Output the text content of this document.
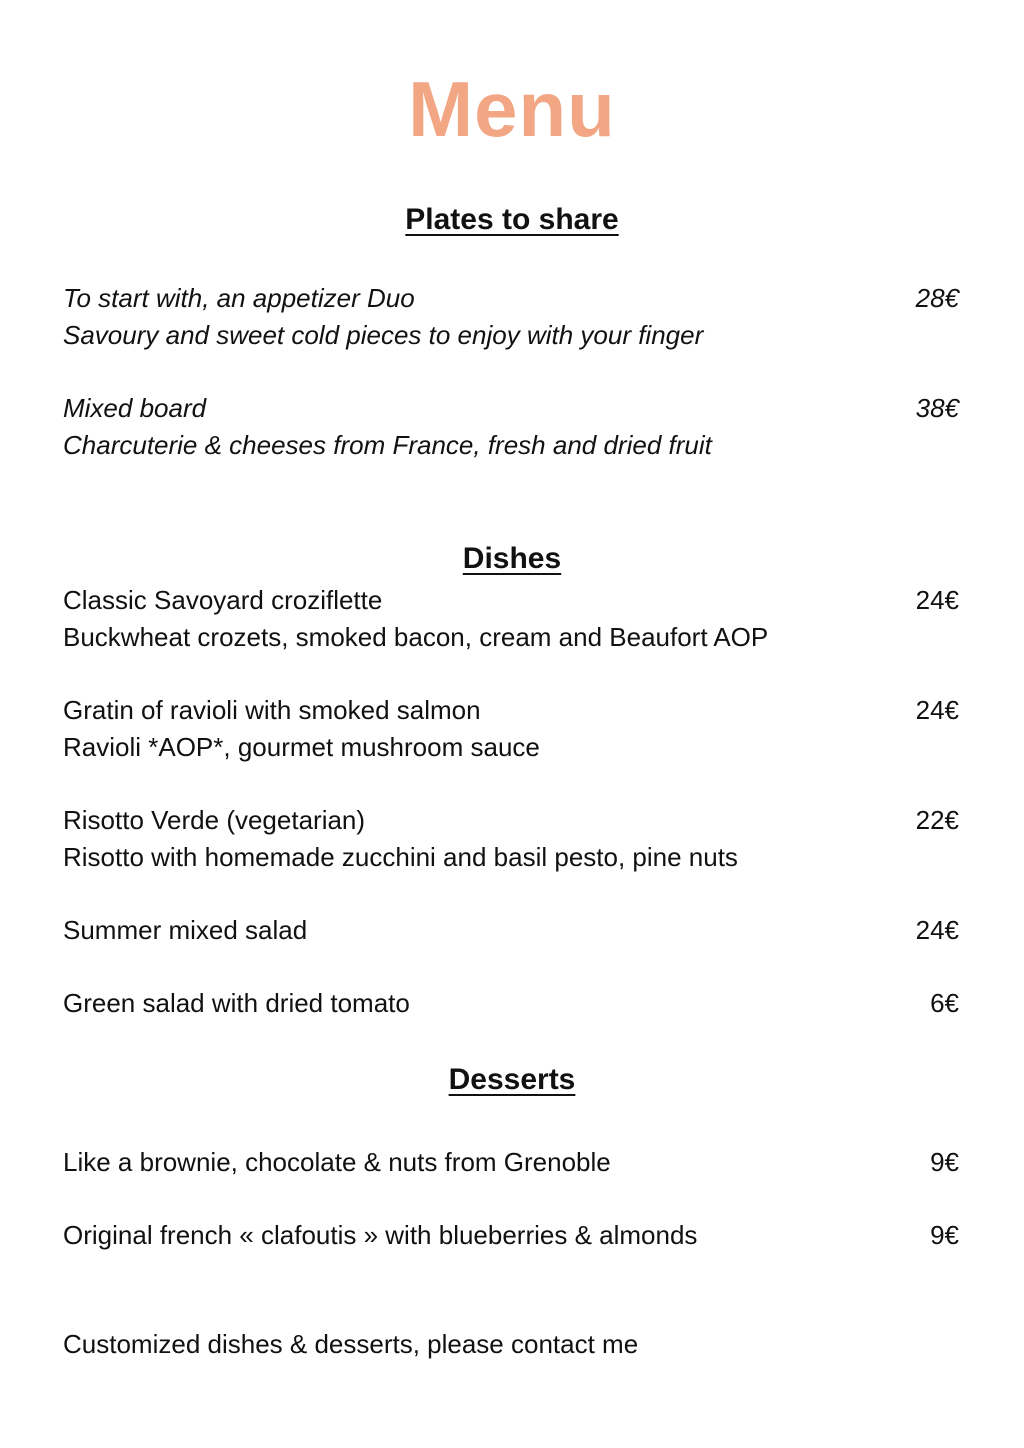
Menu
Plates to share
To start with, an appetizer Duo	28€
Savoury and sweet cold pieces to enjoy with your finger
Mixed board	38€
Charcuterie & cheeses from France, fresh and dried fruit
Dishes
Classic Savoyard croziflette	24€
Buckwheat crozets, smoked bacon, cream and Beaufort AOP
Gratin of ravioli with smoked salmon	24€
Ravioli *AOP*, gourmet mushroom sauce
Risotto Verde (vegetarian)	22€
Risotto with homemade zucchini and basil pesto, pine nuts
Summer mixed salad	24€
Green salad with dried tomato	6€
Desserts
Like a brownie, chocolate & nuts from Grenoble	9€
Original french « clafoutis » with blueberries & almonds	9€
Customized dishes & desserts, please contact me
